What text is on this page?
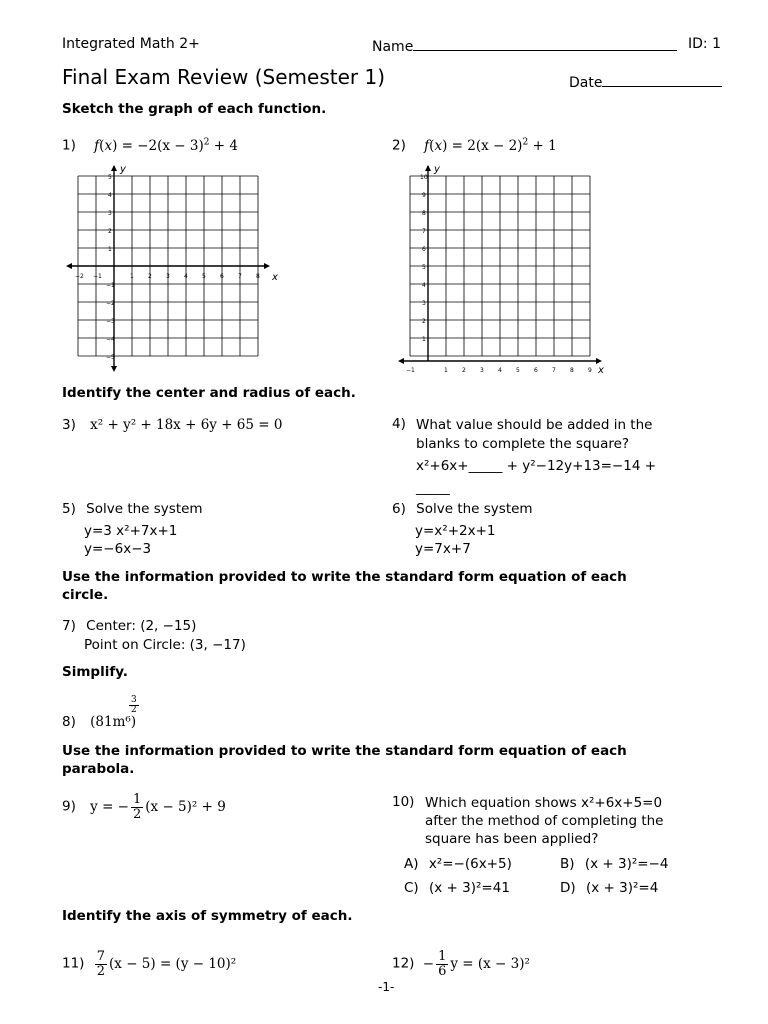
Integrated Math 2+	Name	ID: 1
Final Exam Review (Semester 1)	Date
Sketch the graph of each function.
1) $f(x) = -2(x - 3)^2 + 4$	2) $f(x) = 2(x - 2)^2 + 1$
x
y
−2 −1	1 2 3 4 5 6 7 8
5
4
3
2
1
−1
−2
−3
−4
−5
x
y
−1	1 2 3 4 5 6 7 8 9
10
9
8
7
6
5
4
3
2
1
Identify the center and radius of each.
3) x² + y² + 18x + 6y + 65 = 0	4) What value should be added in the blanks to complete the square?
x²+6x+_____ + y²−12y+13=−14 + _____
5) Solve the system
y=3 x²+7x+1
y=−6x−3
6) Solve the system
y=x²+2x+1
y=7x+7
Use the information provided to write the standard form equation of each circle.
7) Center: (2, −15)
Point on Circle: (3, −17)
Simplify.
8) (81m⁶)
$\frac{3}{2}$
Use the information provided to write the standard form equation of each parabola.
9) y = − $\frac{1}{2} (x - 5)^2 + 9$	10) Which equation shows x²+6x+5=0 after the method of completing the square has been applied?
A) x²=−(6x+5)	B) (x + 3)²=−4
C) (x + 3)²=41	D) (x + 3)²=4
Identify the axis of symmetry of each.
$11) \frac{7}{2} (x - 5) = (y - 10)^2$	$12) - \frac{1}{6}$ y = (x − 3)²
-1-
